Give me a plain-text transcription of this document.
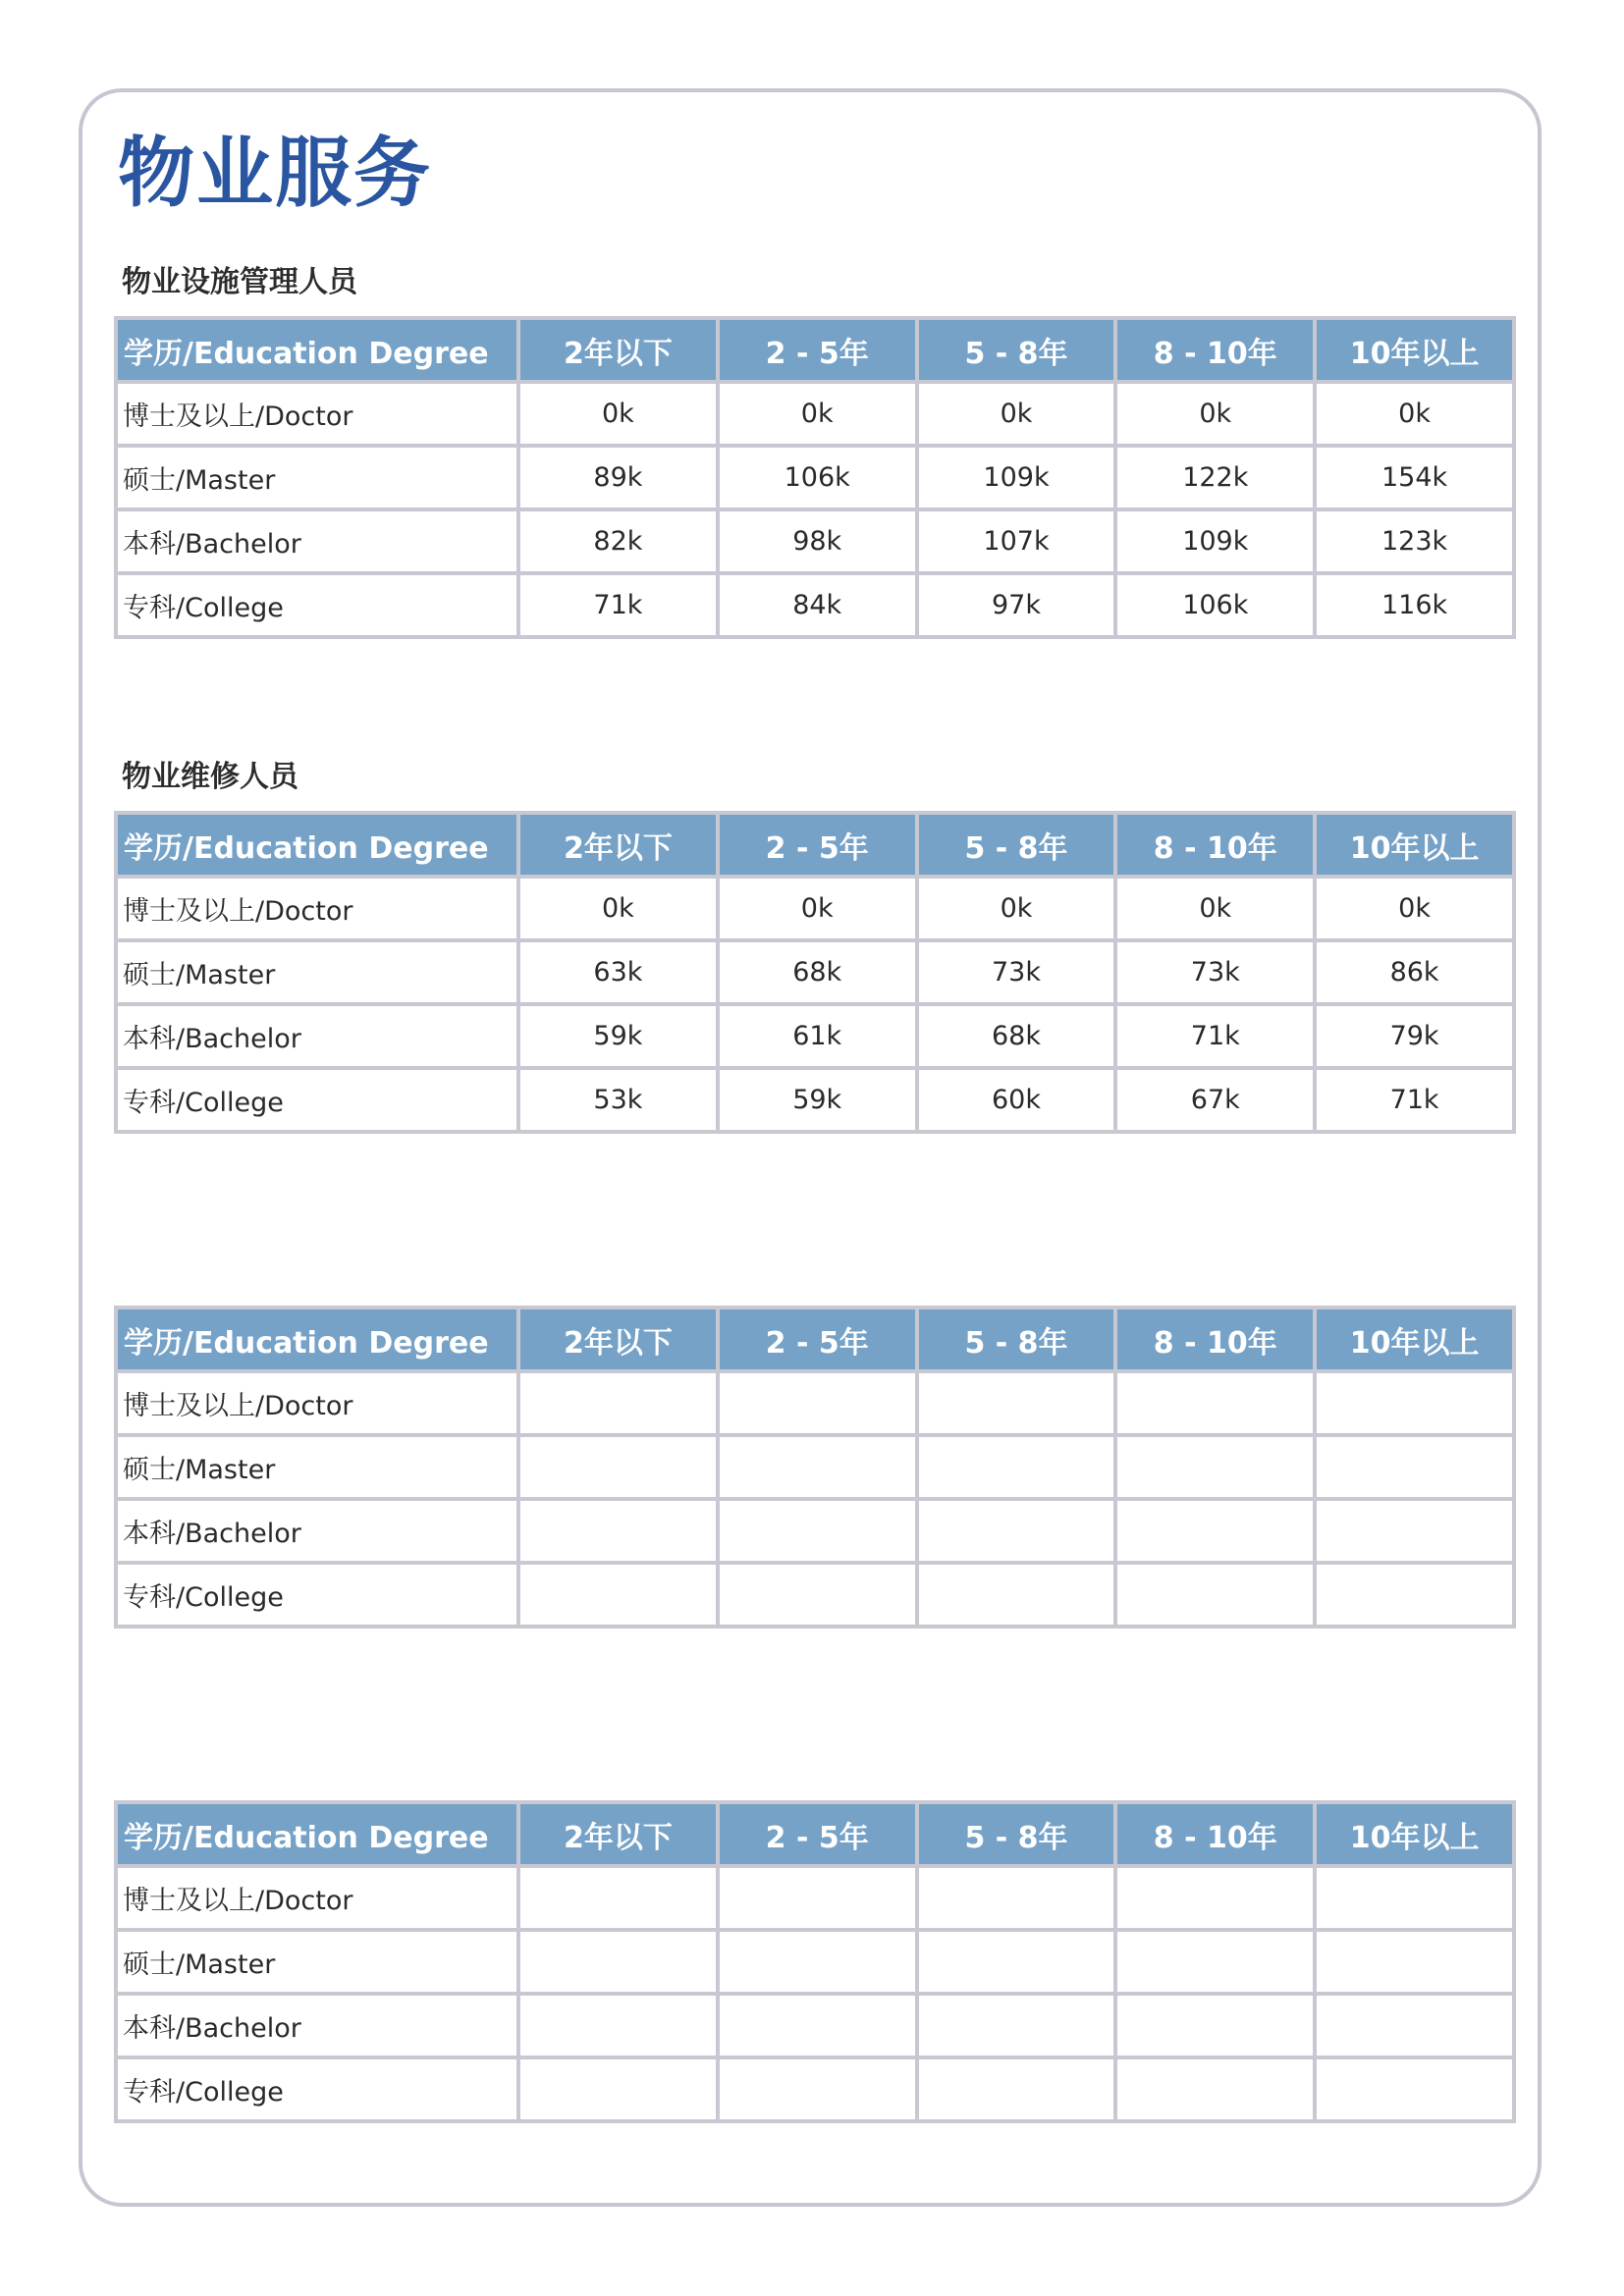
物业服务
物业设施管理人员
学历/Education Degree	2年以下	2 - 5年	5 - 8年	8 - 10年	10年以上
博士及以上/Doctor	0k	0k	0k	0k	0k
硕士/Master	89k	106k	109k	122k	154k
本科/Bachelor	82k	98k	107k	109k	123k
专科/College	71k	84k	97k	106k	116k
物业维修人员
学历/Education Degree	2年以下	2 - 5年	5 - 8年	8 - 10年	10年以上
博士及以上/Doctor	0k	0k	0k	0k	0k
硕士/Master	63k	68k	73k	73k	86k
本科/Bachelor	59k	61k	68k	71k	79k
专科/College	53k	59k	60k	67k	71k
学历/Education Degree	2年以下	2 - 5年	5 - 8年	8 - 10年	10年以上
博士及以上/Doctor					
硕士/Master					
本科/Bachelor					
专科/College					
学历/Education Degree	2年以下	2 - 5年	5 - 8年	8 - 10年	10年以上
博士及以上/Doctor					
硕士/Master					
本科/Bachelor					
专科/College					
